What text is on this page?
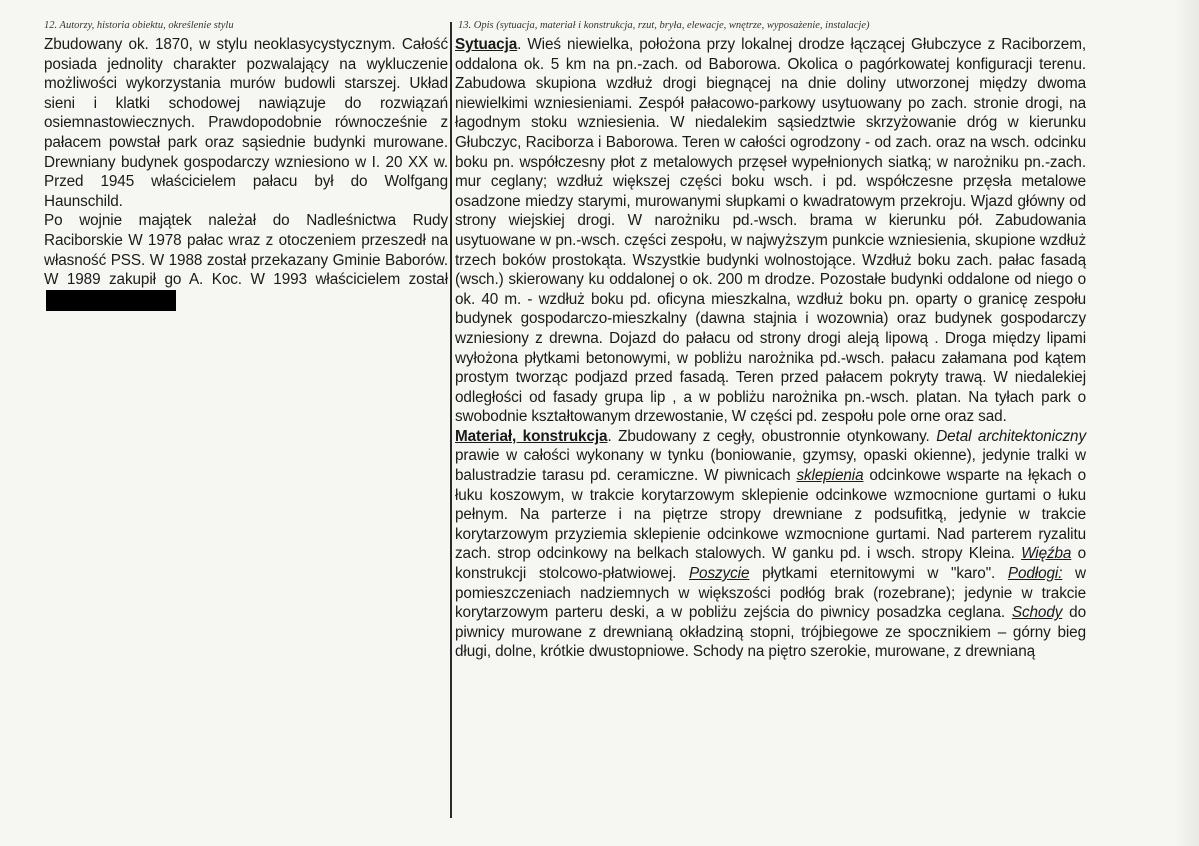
12. Autorzy, historia obiektu, określenie stylu

Zbudowany ok. 1870, w stylu neoklasycystycznym. Całość posiada jednolity charakter pozwalający na wykluczenie możliwości wykorzystania murów budowli starszej. Układ sieni i klatki schodowej nawiązuje do rozwiązań osiemnastowiecznych. Prawdopodobnie równocześnie z pałacem powstał park oraz sąsiednie budynki murowane. Drewniany budynek gospodarczy wzniesiono w I. 20 XX w. Przed 1945 właścicielem pałacu był do Wolfgang Haunschild.

Po wojnie majątek należał do Nadleśnictwa Rudy Raciborskie W 1978 pałac wraz z otoczeniem przeszedł na własność PSS. W 1988 został przekazany Gminie Baborów. W 1989 zakupił go A. Koc. W 1993 właścicielem został

13. Opis (sytuacja, materiał i konstrukcja, rzut, bryła, elewacje, wnętrze, wyposażenie, instalacje)

Sytuacja. Wieś niewielka, położona przy lokalnej drodze łączącej Głubczyce z Raciborzem, oddalona ok. 5 km na pn.-zach. od Baborowa. Okolica o pagórkowatej konfiguracji terenu. Zabudowa skupiona wzdłuż drogi biegnącej na dnie doliny utworzonej między dwoma niewielkimi wzniesieniami. Zespół pałacowo-parkowy usytuowany po zach. stronie drogi, na łagodnym stoku wzniesienia. W niedalekim sąsiedztwie skrzyżowanie dróg w kierunku Głubczyc, Raciborza i Baborowa. Teren w całości ogrodzony - od zach. oraz na wsch. odcinku boku pn. współczesny płot z metalowych przęseł wypełnionych siatką; w narożniku pn.-zach. mur ceglany; wzdłuż większej części boku wsch. i pd. współczesne przęsła metalowe osadzone miedzy starymi, murowanymi słupkami o kwadratowym przekroju. Wjazd główny od strony wiejskiej drogi. W narożniku pd.-wsch. brama w kierunku pół. Zabudowania usytuowane w pn.-wsch. części zespołu, w najwyższym punkcie wzniesienia, skupione wzdłuż trzech boków prostokąta. Wszystkie budynki wolnostojące. Wzdłuż boku zach. pałac fasadą (wsch.) skierowany ku oddalonej o ok. 200 m drodze. Pozostałe budynki oddalone od niego o ok. 40 m. - wzdłuż boku pd. oficyna mieszkalna, wzdłuż boku pn. oparty o granicę zespołu budynek gospodarczo-mieszkalny (dawna stajnia i wozownia) oraz budynek gospodarczy wzniesiony z drewna. Dojazd do pałacu od strony drogi aleją lipową . Droga między lipami wyłożona płytkami betonowymi, w pobliżu narożnika pd.-wsch. pałacu załamana pod kątem prostym tworząc podjazd przed fasadą. Teren przed pałacem pokryty trawą. W niedalekiej odległości od fasady grupa lip , a w pobliżu narożnika pn.-wsch. platan. Na tyłach park o swobodnie kształtowanym drzewostanie, W części pd. zespołu pole orne oraz sad.

Materiał, konstrukcja. Zbudowany z cegły, obustronnie otynkowany. Detal architektoniczny prawie w całości wykonany w tynku (boniowanie, gzymsy, opaski okienne), jedynie tralki w balustradzie tarasu pd. ceramiczne. W piwnicach sklepienia odcinkowe wsparte na łękach o łuku koszowym, w trakcie korytarzowym sklepienie odcinkowe wzmocnione gurtami o łuku pełnym. Na parterze i na piętrze stropy drewniane z podsufitką, jedynie w trakcie korytarzowym przyziemia sklepienie odcinkowe wzmocnione gurtami. Nad parterem ryzalitu zach. strop odcinkowy na belkach stalowych. W ganku pd. i wsch. stropy Kleina. Więźba o konstrukcji stolcowo-płatwiowej. Poszycie płytkami eternitowymi w "karo". Podłogi: w pomieszczeniach nadziemnych w większości podłóg brak (rozebrane); jedynie w trakcie korytarzowym parteru deski, a w pobliżu zejścia do piwnicy posadzka ceglana. Schody do piwnicy murowane z drewnianą okładziną stopni, trójbiegowe ze spocznikiem – górny bieg długi, dolne, krótkie dwustopniowe. Schody na piętro szerokie, murowane, z drewnianą
